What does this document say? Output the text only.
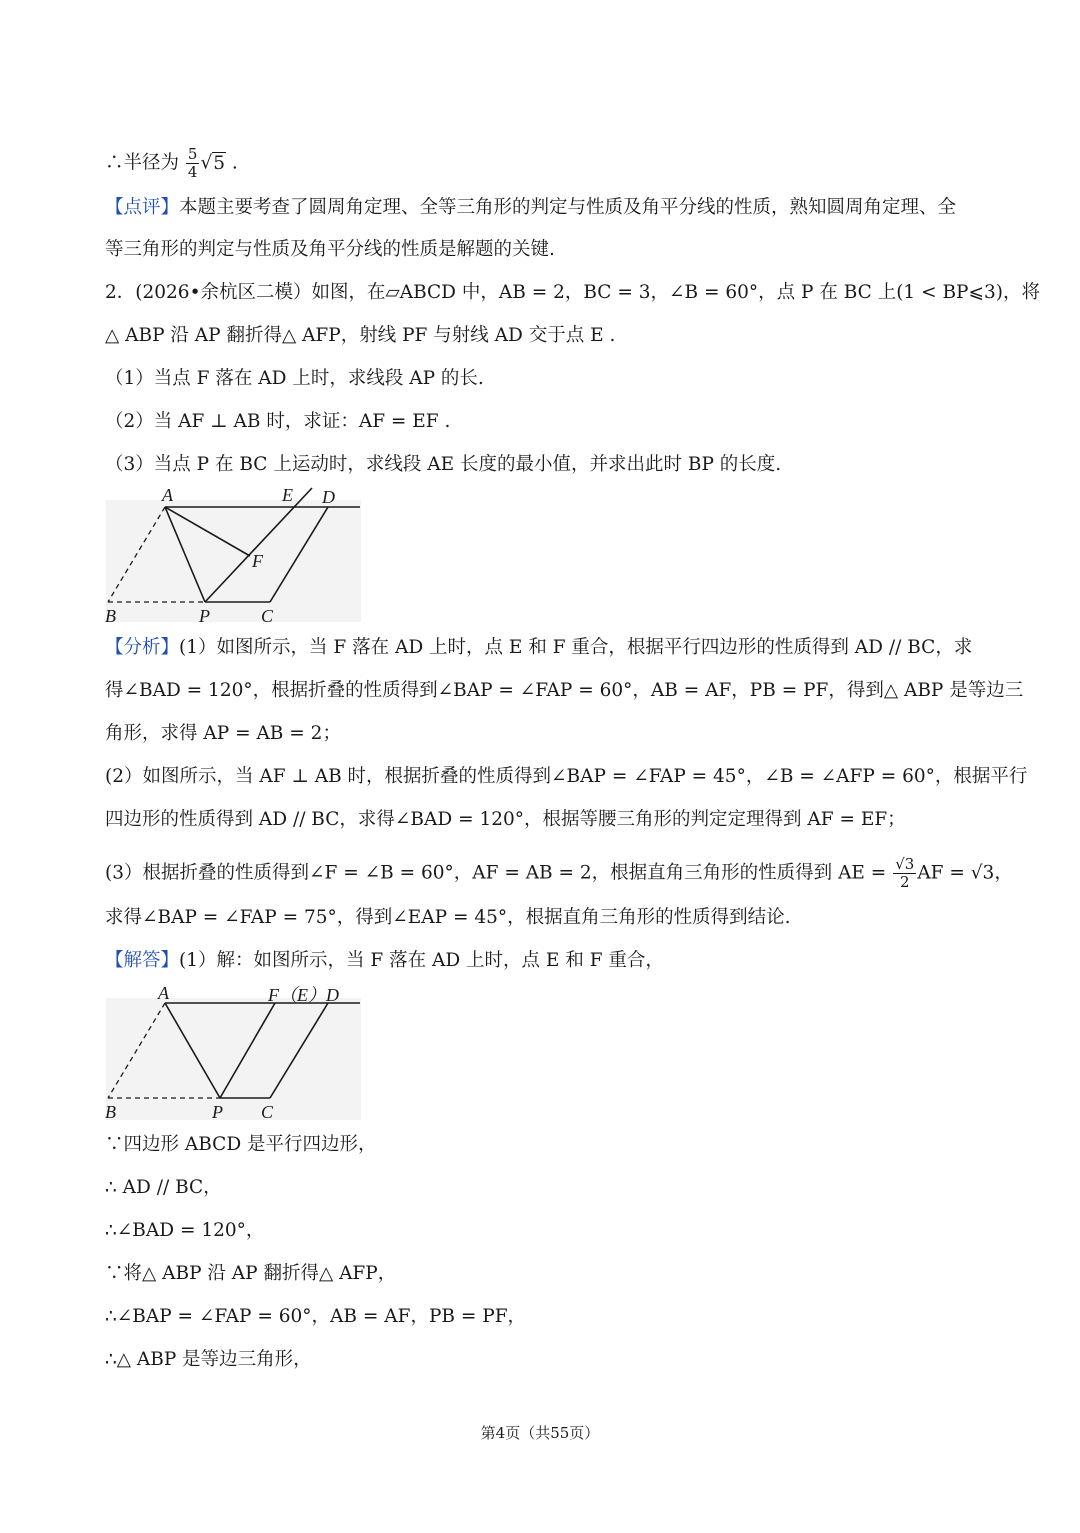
∴半径为 $\frac{5}{4} √5$ .
【点评】本题主要考查了圆周角定理、全等三角形的判定与性质及角平分线的性质，熟知圆周角定理、全
等三角形的判定与性质及角平分线的性质是解题的关键.
2．(2026•余杭区二模）如图，在▱ABCD 中，AB = 2，BC = 3，∠B = 60°，点 P 在 BC 上(1 < BP⩽3)，将
△ ABP 沿 AP 翻折得△ AFP，射线 PF 与射线 AD 交于点 E .
（1）当点 F 落在 AD 上时，求线段 AP 的长.
（2）当 AF ⊥ AB 时，求证：AF = EF .
（3）当点 P 在 BC 上运动时，求线段 AE 长度的最小值，并求出此时 BP 的长度.
A	E D
F
B	P	C
【分析】(1）如图所示，当 F 落在 AD 上时，点 E 和 F 重合，根据平行四边形的性质得到 AD // BC，求
得∠BAD = 120°，根据折叠的性质得到∠BAP = ∠FAP = 60°，AB = AF，PB = PF，得到△ ABP 是等边三
角形，求得 AP = AB = 2；
(2）如图所示，当 AF ⊥ AB 时，根据折叠的性质得到∠BAP = ∠FAP = 45°，∠B = ∠AFP = 60°，根据平行
四边形的性质得到 AD // BC，求得∠BAD = 120°，根据等腰三角形的判定定理得到 AF = EF；
(3）根据折叠的性质得到∠F = ∠B = 60°，AF = AB = 2，根据直角三角形的性质得到 AE = $\frac{√3}{2}$ AF = √3，
求得∠BAP = ∠FAP = 75°，得到∠EAP = 45°，根据直角三角形的性质得到结论.
【解答】(1）解：如图所示，当 F 落在 AD 上时，点 E 和 F 重合，
A	F（E）D
B	P C
∵四边形 ABCD 是平行四边形，
∴ AD // BC，
∴∠BAD = 120°，
∵将△ ABP 沿 AP 翻折得△ AFP，
∴∠BAP = ∠FAP = 60°，AB = AF，PB = PF，
∴△ ABP 是等边三角形，
第4页（共55页）
